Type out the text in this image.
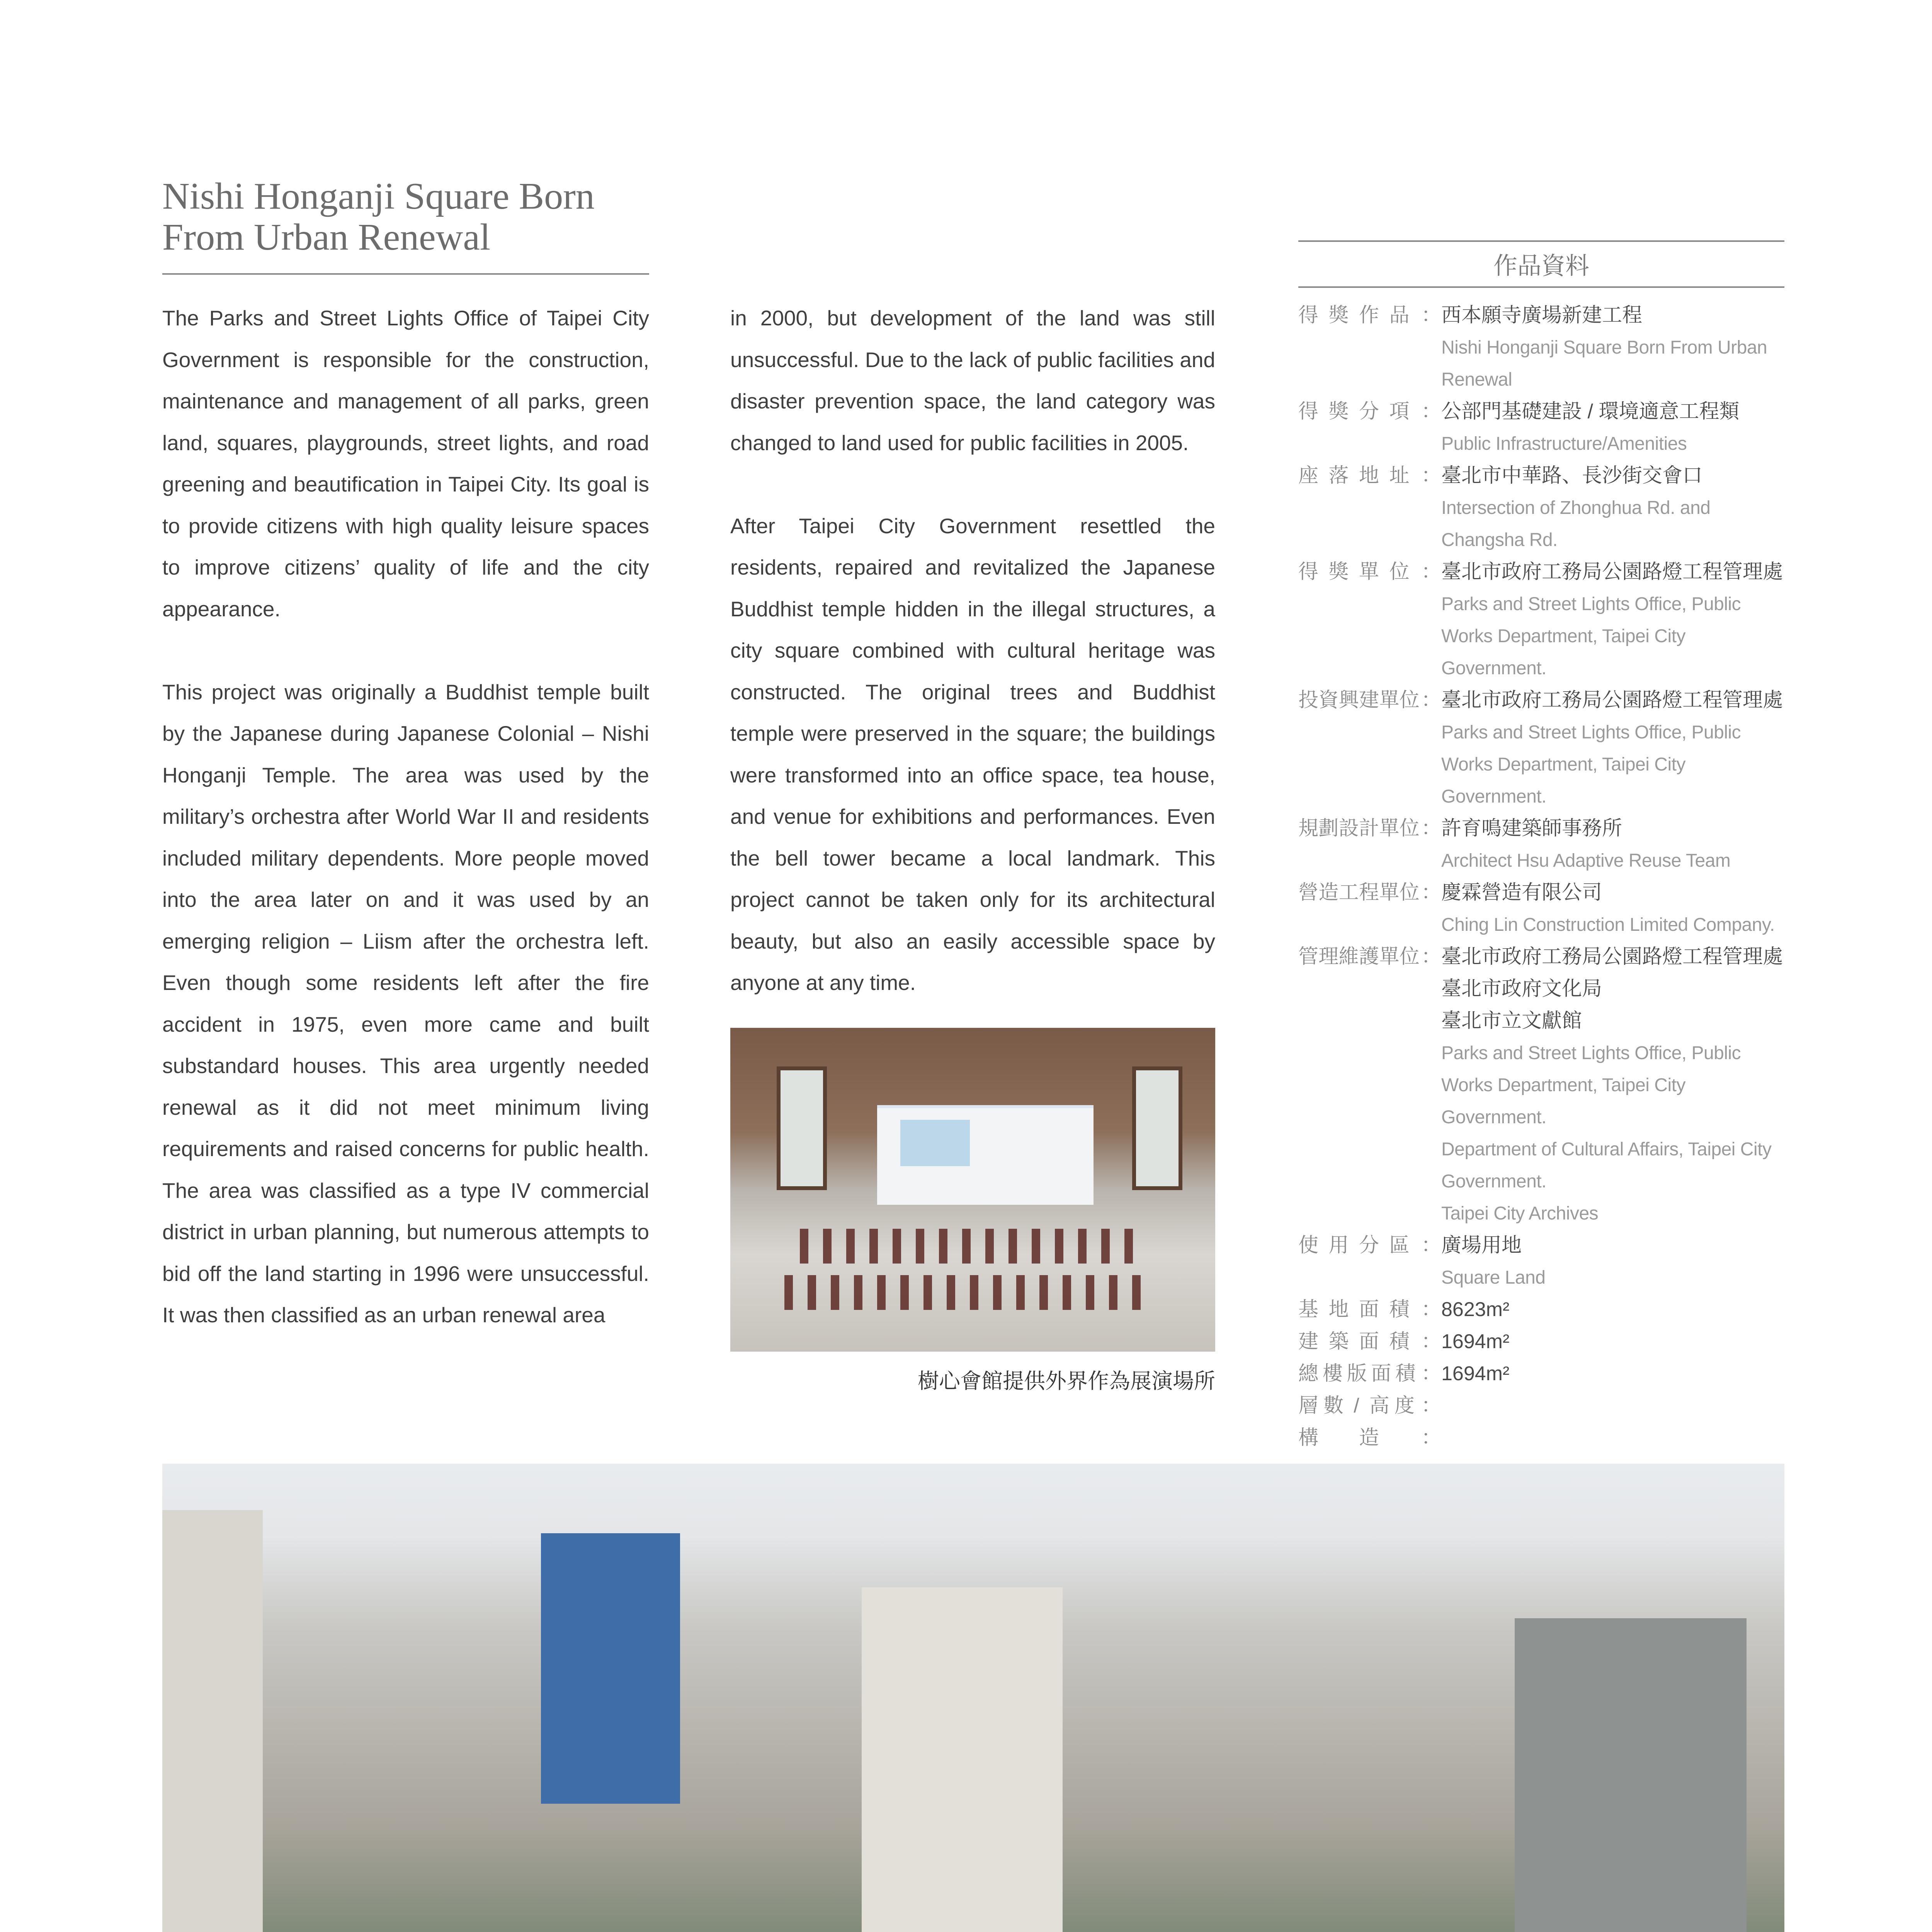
Nishi Honganji Square Born
From Urban Renewal

The Parks and Street Lights Office of Taipei City Government is responsible for the construction, maintenance and management of all parks, green land, squares, playgrounds, street lights, and road greening and beautification in Taipei City. Its goal is to provide citizens with high quality leisure spaces to improve citizens’ quality of life and the city appearance.

This project was originally a Buddhist temple built by the Japanese during Japanese Colonial – Nishi Honganji Temple. The area was used by the military’s orchestra after World War II and residents included military dependents. More people moved into the area later on and it was used by an emerging religion – Liism after the orchestra left. Even though some residents left after the fire accident in 1975, even more came and built substandard houses. This area urgently needed renewal as it did not meet minimum living requirements and raised concerns for public health. The area was classified as a type IV commercial district in urban planning, but numerous attempts to bid off the land starting in 1996 were unsuccessful. It was then classified as an urban renewal area

in 2000, but development of the land was still unsuccessful. Due to the lack of public facilities and disaster prevention space, the land category was changed to land used for public facilities in 2005.

After Taipei City Government resettled the residents, repaired and revitalized the Japanese Buddhist temple hidden in the illegal structures, a city square combined with cultural heritage was constructed. The original trees and Buddhist temple were preserved in the square; the buildings were transformed into an office space, tea house, and venue for exhibitions and performances. Even the bell tower became a local landmark. This project cannot be taken only for its architectural beauty, but also an easily accessible space by anyone at any time.

樹心會館提供外界作為展演場所
作品資料
得 獎 作 品 ： 西本願寺廣場新建工程
Nishi Honganji Square Born From Urban Renewal
得 獎 分 項 ： 公部門基礎建設 / 環境適意工程類
Public Infrastructure/Amenities
座 落 地 址 ： 臺北市中華路、長沙街交會口
Intersection of Zhonghua Rd. and Changsha Rd.
得 獎 單 位 ： 臺北市政府工務局公園路燈工程管理處
Parks and Street Lights Office, Public Works Department, Taipei City Government.
投 資 興 建 單 位 ： 臺北市政府工務局公園路燈工程管理處
Parks and Street Lights Office, Public Works Department, Taipei City Government.
規 劃 設 計 單 位 ： 許育鳴建築師事務所
Architect Hsu Adaptive Reuse Team
營 造 工 程 單 位 ： 慶霖營造有限公司
Ching Lin Construction Limited Company.
管 理 維 護 單 位 ： 臺北市政府工務局公園路燈工程管理處
臺北市政府文化局
臺北市立文獻館
Parks and Street Lights Office, Public Works Department, Taipei City Government.
Department of Cultural Affairs, Taipei City Government.
Taipei City Archives
使 用 分 區 ： 廣場用地
Square Land
基 地 面 積 ： 8623m²
建 築 面 積 ： 1694m²
總 樓 版 面 積 ： 1694m²
層 數 / 高 度 ：
構 造 ：
